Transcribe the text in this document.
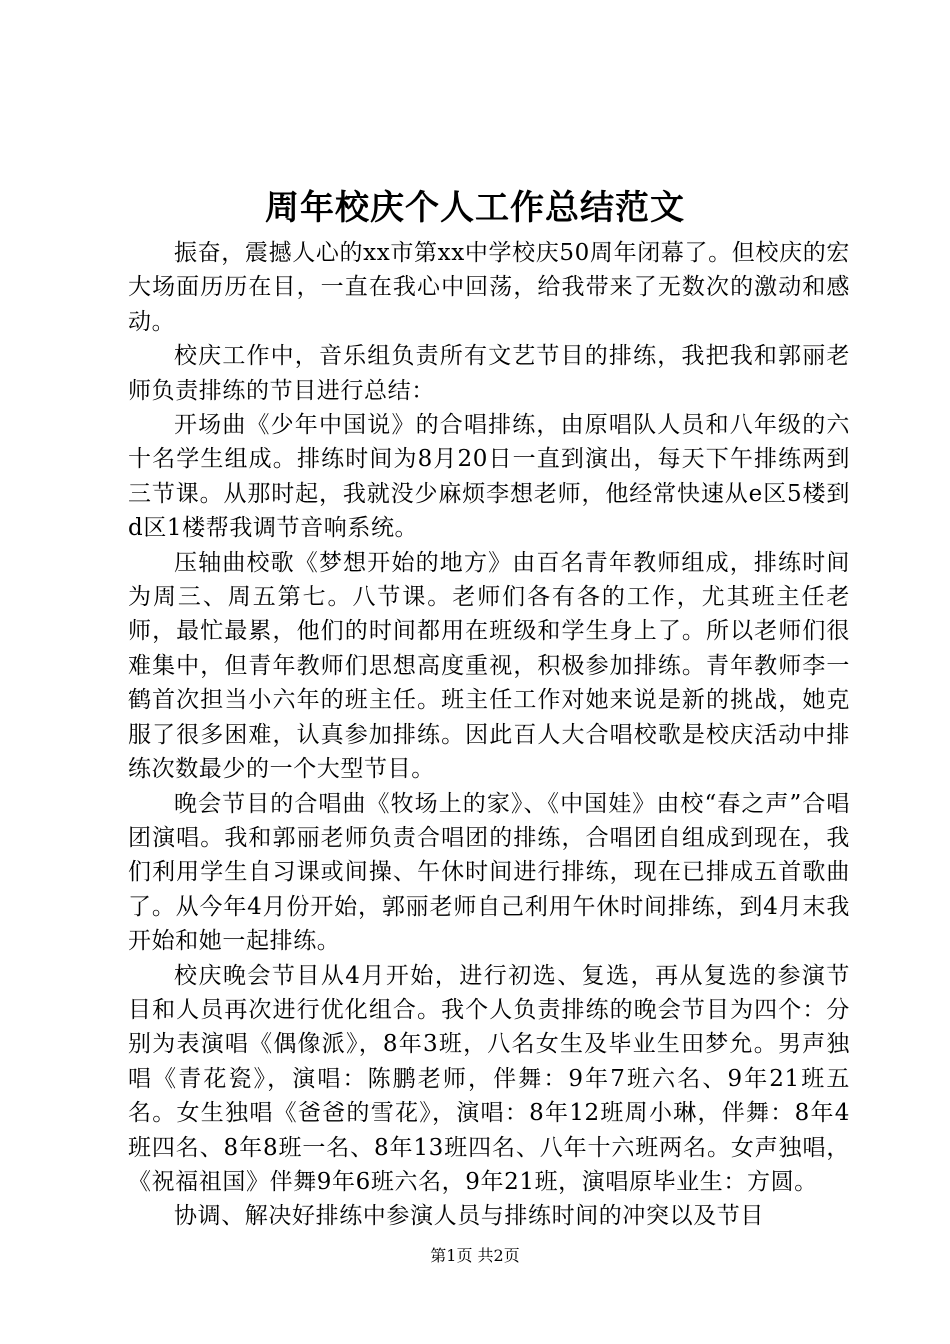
周年校庆个人工作总结范文

振奋，震撼人心的xx市第xx中学校庆50周年闭幕了。但校庆的宏大场面历历在目，一直在我心中回荡，给我带来了无数次的激动和感动。

校庆工作中，音乐组负责所有文艺节目的排练，我把我和郭丽老师负责排练的节目进行总结：

开场曲《少年中国说》的合唱排练，由原唱队人员和八年级的六十名学生组成。排练时间为8月20日一直到演出，每天下午排练两到三节课。从那时起，我就没少麻烦李想老师，他经常快速从e区5楼到d区1楼帮我调节音响系统。

压轴曲校歌《梦想开始的地方》由百名青年教师组成，排练时间为周三、周五第七。八节课。老师们各有各的工作，尤其班主任老师，最忙最累，他们的时间都用在班级和学生身上了。所以老师们很难集中，但青年教师们思想高度重视，积极参加排练。青年教师李一鹤首次担当小六年的班主任。班主任工作对她来说是新的挑战，她克服了很多困难，认真参加排练。因此百人大合唱校歌是校庆活动中排练次数最少的一个大型节目。

晚会节目的合唱曲《牧场上的家》、《中国娃》由校“春之声”合唱团演唱。我和郭丽老师负责合唱团的排练，合唱团自组成到现在，我们利用学生自习课或间操、午休时间进行排练，现在已排成五首歌曲了。从今年4月份开始，郭丽老师自己利用午休时间排练，到4月末我开始和她一起排练。

校庆晚会节目从4月开始，进行初选、复选，再从复选的参演节目和人员再次进行优化组合。我个人负责排练的晚会节目为四个：分别为表演唱《偶像派》，8年3班，八名女生及毕业生田梦允。男声独唱《青花瓷》，演唱：陈鹏老师，伴舞：9年7班六名、9年21班五名。女生独唱《爸爸的雪花》，演唱：8年12班周小琳，伴舞：8年4班四名、8年8班一名、8年13班四名、八年十六班两名。女声独唱，《祝福祖国》伴舞9年6班六名，9年21班，演唱原毕业生：方圆。

协调、解决好排练中参演人员与排练时间的冲突以及节目

第1页 共2页
